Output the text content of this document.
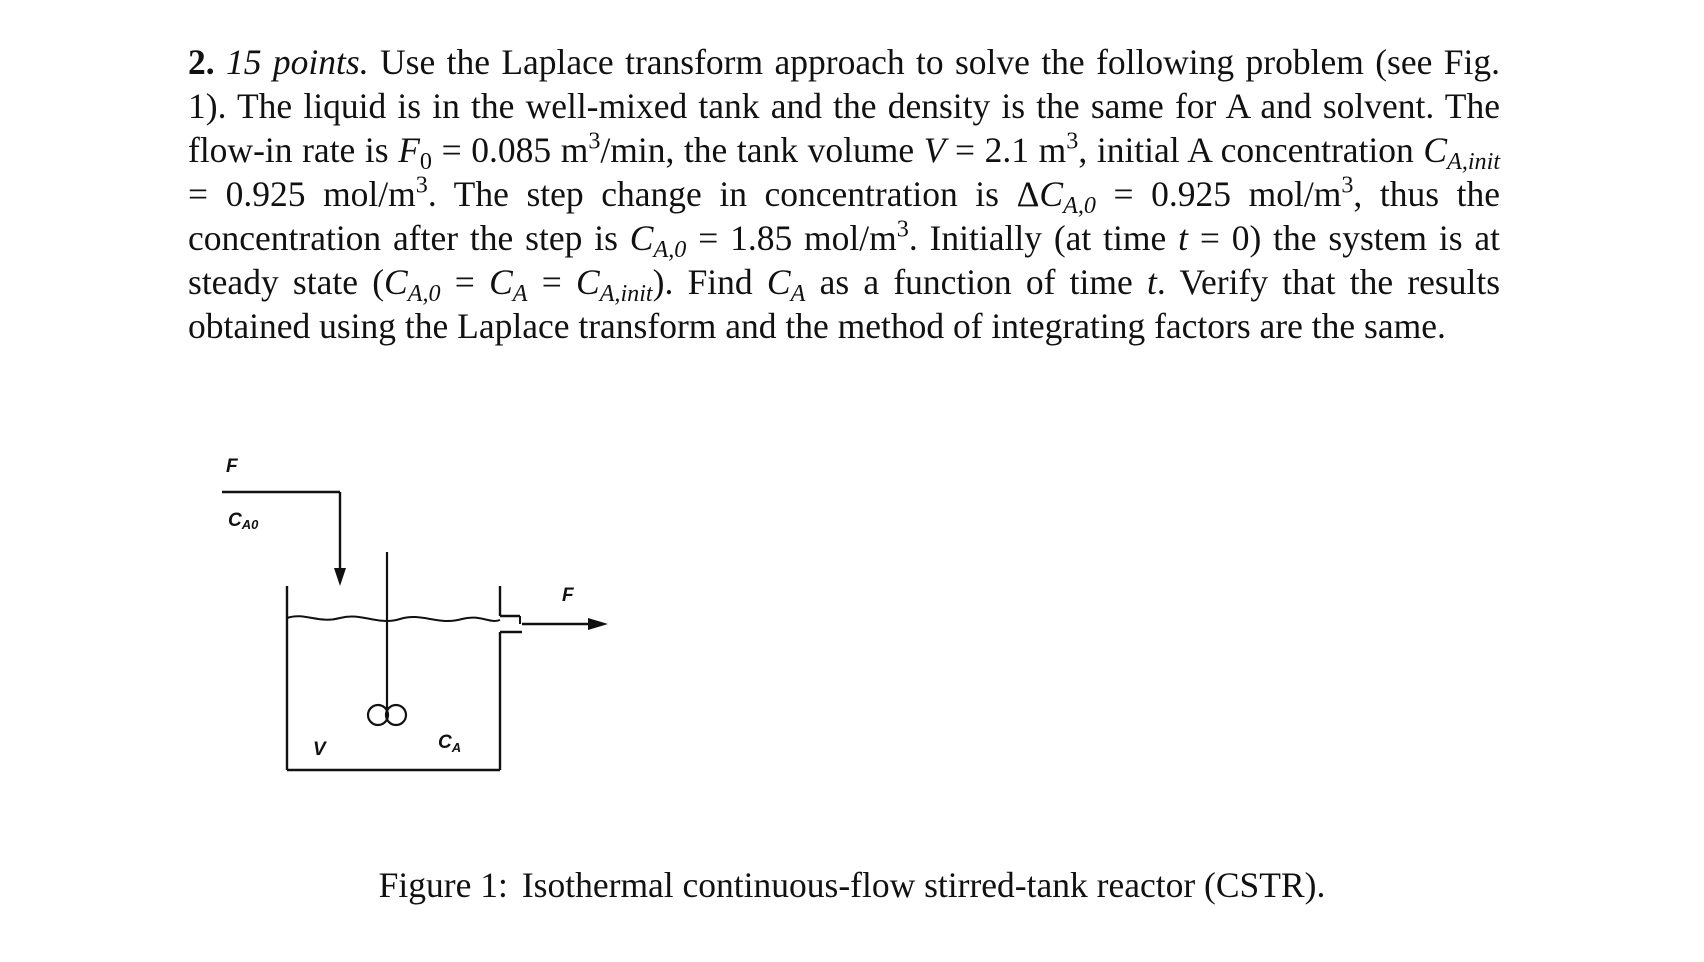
2. 15 points. Use the Laplace transform approach to solve the following problem (see Fig. 1). The liquid is in the well-mixed tank and the density is the same for A and solvent. The flow-in rate is $F_0 = 0.085$ $m^3/\min$, the tank volume V = 2.1 $m^3$, initial A concentration $C_{A,init} = 0.925$ mol/$m^3$. The step change in concentration is $\Delta C_{A,0} = 0.925$ mol/$m^3$, thus the concentration after the step is $C_{A,0} = 1.85$ mol/$m^3$. Initially (at time t = 0) the system is at steady state $(C_{A,0} = C_A = C_{A,init})$. Find $C_A$ as a function of time t. Verify that the results obtained using the Laplace transform and the method of integrating factors are the same.
F
CA0
F
V	$C_A$
Figure 1: Isothermal continuous-flow stirred-tank reactor (CSTR).
